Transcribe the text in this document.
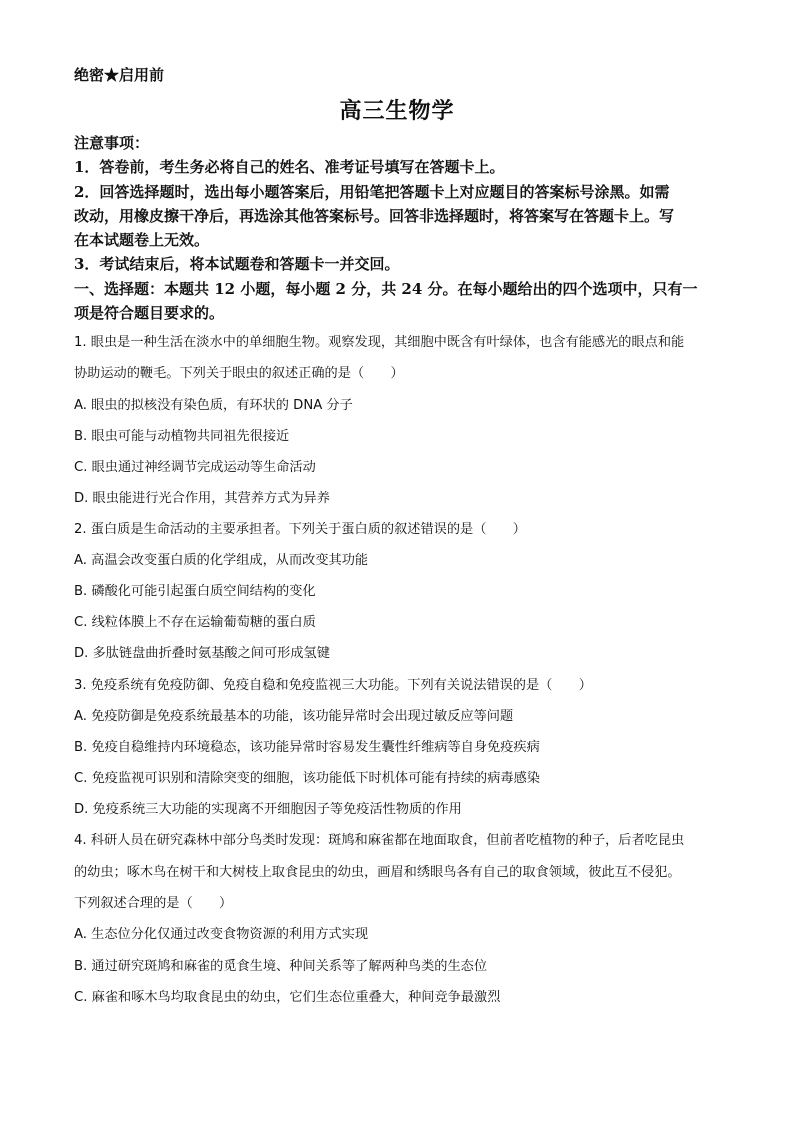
绝密★启用前
高三生物学
注意事项：
1．答卷前，考生务必将自己的姓名、准考证号填写在答题卡上。
2．回答选择题时，选出每小题答案后，用铅笔把答题卡上对应题目的答案标号涂黑。如需
改动，用橡皮擦干净后，再选涂其他答案标号。回答非选择题时，将答案写在答题卡上。写
在本试题卷上无效。
3．考试结束后，将本试题卷和答题卡一并交回。
一、选择题：本题共 12 小题，每小题 2 分，共 24 分。在每小题给出的四个选项中，只有一
项是符合题目要求的。
1. 眼虫是一种生活在淡水中的单细胞生物。观察发现，其细胞中既含有叶绿体，也含有能感光的眼点和能
协助运动的鞭毛。下列关于眼虫的叙述正确的是（　　）
A. 眼虫的拟核没有染色质，有环状的 DNA 分子
B. 眼虫可能与动植物共同祖先很接近
C. 眼虫通过神经调节完成运动等生命活动
D. 眼虫能进行光合作用，其营养方式为异养
2. 蛋白质是生命活动的主要承担者。下列关于蛋白质的叙述错误的是（　　）
A. 高温会改变蛋白质的化学组成，从而改变其功能
B. 磷酸化可能引起蛋白质空间结构的变化
C. 线粒体膜上不存在运输葡萄糖的蛋白质
D. 多肽链盘曲折叠时氨基酸之间可形成氢键
3. 免疫系统有免疫防御、免疫自稳和免疫监视三大功能。下列有关说法错误的是（　　）
A. 免疫防御是免疫系统最基本的功能，该功能异常时会出现过敏反应等问题
B. 免疫自稳维持内环境稳态，该功能异常时容易发生囊性纤维病等自身免疫疾病
C. 免疫监视可识别和清除突变的细胞，该功能低下时机体可能有持续的病毒感染
D. 免疫系统三大功能的实现离不开细胞因子等免疫活性物质的作用
4. 科研人员在研究森林中部分鸟类时发现：斑鸠和麻雀都在地面取食，但前者吃植物的种子，后者吃昆虫
的幼虫；啄木鸟在树干和大树枝上取食昆虫的幼虫，画眉和绣眼鸟各有自己的取食领域，彼此互不侵犯。
下列叙述合理的是（　　）
A. 生态位分化仅通过改变食物资源的利用方式实现
B. 通过研究斑鸠和麻雀的觅食生境、种间关系等了解两种鸟类的生态位
C. 麻雀和啄木鸟均取食昆虫的幼虫，它们生态位重叠大，种间竞争最激烈
